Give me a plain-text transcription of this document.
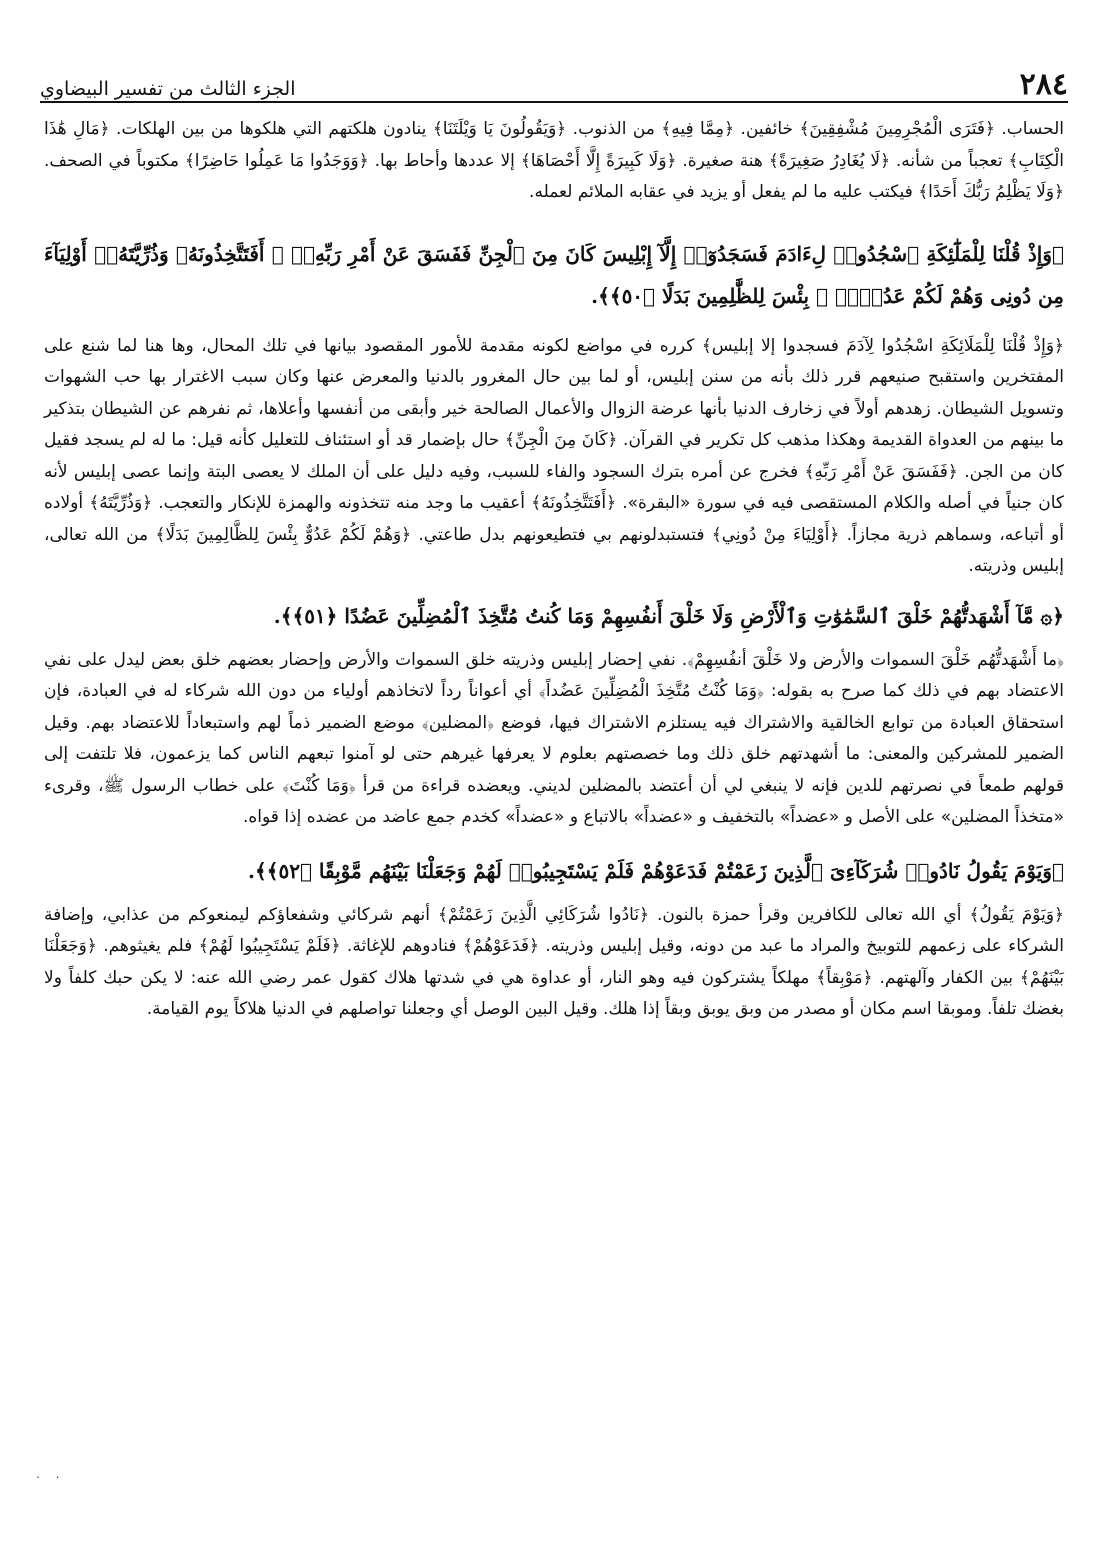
٢٨٤
الجزء الثالث من تفسير البيضاوي

الحساب. ﴿فَتَرَى الْمُجْرِمِينَ مُشْفِقِينَ﴾ خائفين. ﴿مِمَّا فِيهِ﴾ من الذنوب. ﴿وَيَقُولُونَ يَا وَيْلَتَنَا﴾ ينادون هلكتهم التي هلكوها من بين الهلكات. ﴿مَالِ هَٰذَا الْكِتَابِ﴾ تعجباً من شأنه. ﴿لَا يُغَادِرُ صَغِيرَةً﴾ هنة صغيرة. ﴿وَلَا كَبِيرَةً إِلَّا أَحْصَاهَا﴾ إلا عددها وأحاط بها. ﴿وَوَجَدُوا مَا عَمِلُوا حَاضِرًا﴾ مكتوباً في الصحف. ﴿وَلَا يَظْلِمُ رَبُّكَ أَحَدًا﴾ فيكتب عليه ما لم يفعل أو يزيد في عقابه الملائم لعمله.

﴿وَإِذْ قُلْنَا لِلْمَلَٰٓئِكَةِ ٱسْجُدُوا۟ لِءَادَمَ فَسَجَدُوٓا۟ إِلَّآ إِبْلِيسَ كَانَ مِنَ ٱلْجِنِّ فَفَسَقَ عَنْ أَمْرِ رَبِّهِۦٓ ۗ أَفَتَتَّخِذُونَهُۥ وَذُرِّيَّتَهُۥٓ أَوْلِيَآءَ مِن دُونِى وَهُمْ لَكُمْ عَدُوٌّۢ ۚ بِئْسَ لِلظَّٰلِمِينَ بَدَلًا ﴿٥٠﴾﴾.

﴿وَإِذْ قُلْنَا لِلْمَلَائِكَةِ اسْجُدُوا لِآدَمَ فسجدوا إلا إبليس﴾ كرره في مواضع لكونه مقدمة للأمور المقصود بيانها في تلك المحال، وها هنا لما شنع على المفتخرين واستقبح صنيعهم قرر ذلك بأنه من سنن إبليس، أو لما بين حال المغرور بالدنيا والمعرض عنها وكان سبب الاغترار بها حب الشهوات وتسويل الشيطان. زهدهم أولاً في زخارف الدنيا بأنها عرضة الزوال والأعمال الصالحة خير وأبقى من أنفسها وأعلاها، ثم نفرهم عن الشيطان بتذكير ما بينهم من العدواة القديمة وهكذا مذهب كل تكرير في القرآن. ﴿كَانَ مِنَ الْجِنِّ﴾ حال بإضمار قد أو استئناف للتعليل كأنه قيل: ما له لم يسجد فقيل كان من الجن. ﴿فَفَسَقَ عَنْ أَمْرِ رَبِّهِ﴾ فخرج عن أمره بترك السجود والفاء للسبب، وفيه دليل على أن الملك لا يعصى البتة وإنما عصى إبليس لأنه كان جنياً في أصله والكلام المستقصى فيه في سورة «البقرة». ﴿أَفَتَتَّخِذُونَهُ﴾ أعقيب ما وجد منه تتخذونه والهمزة للإنكار والتعجب. ﴿وَذُرِّيَّتَهُ﴾ أولاده أو أتباعه، وسماهم ذرية مجازاً. ﴿أَوْلِيَاءَ مِنْ دُونِي﴾ فتستبدلونهم بي فتطيعونهم بدل طاعتي. ﴿وَهُمْ لَكُمْ عَدُوٌّ بِئْسَ لِلظَّالِمِينَ بَدَلًا﴾ من الله تعالى، إبليس وذريته.

﴿۞ مَّآ أَشْهَدتُّهُمْ خَلْقَ ٱلسَّمَٰوَٰتِ وَٱلْأَرْضِ وَلَا خَلْقَ أَنفُسِهِمْ وَمَا كُنتُ مُتَّخِذَ ٱلْمُضِلِّينَ عَضُدًا ﴿٥١﴾﴾.

﴿ما أَشْهَدتُّهُم خَلْقَ السموات والأرض ولا خَلْقَ أنفُسِهِمْ﴾. نفي إحضار إبليس وذريته خلق السموات والأرض وإحضار بعضهم خلق بعض ليدل على نفي الاعتضاد بهم في ذلك كما صرح به بقوله: ﴿وَمَا كُنْتُ مُتَّخِذَ الْمُضِلِّينَ عَضُداً﴾ أي أعواناً رداً لاتخاذهم أولياء من دون الله شركاء له في العبادة، فإن استحقاق العبادة من توابع الخالقية والاشتراك فيه يستلزم الاشتراك فيها، فوضع ﴿المضلين﴾ موضع الضمير ذماً لهم واستبعاداً للاعتضاد بهم. وقيل الضمير للمشركين والمعنى: ما أشهدتهم خلق ذلك وما خصصتهم بعلوم لا يعرفها غيرهم حتى لو آمنوا تبعهم الناس كما يزعمون، فلا تلتفت إلى قولهم طمعاً في نصرتهم للدين فإنه لا ينبغي لي أن أعتضد بالمضلين لديني. ويعضده قراءة من قرأ ﴿وَمَا كُنْتَ﴾ على خطاب الرسول ﷺ، وقرىء «متخذاً المضلين» على الأصل و «عضداً» بالتخفيف و «عضداً» بالاتباع و «عضداً» كخدم جمع عاضد من عضده إذا قواه.

﴿وَيَوْمَ يَقُولُ نَادُوا۟ شُرَكَآءِىَ ٱلَّذِينَ زَعَمْتُمْ فَدَعَوْهُمْ فَلَمْ يَسْتَجِيبُوا۟ لَهُمْ وَجَعَلْنَا بَيْنَهُم مَّوْبِقًا ﴿٥٢﴾﴾.

﴿وَيَوْمَ يَقُولُ﴾ أي الله تعالى للكافرين وقرأ حمزة بالنون. ﴿نَادُوا شُرَكَائِي الَّذِينَ زَعَمْتُمْ﴾ أنهم شركائي وشفعاؤكم ليمنعوكم من عذابي، وإضافة الشركاء على زعمهم للتوبيخ والمراد ما عبد من دونه، وقيل إبليس وذريته. ﴿فَدَعَوْهُمْ﴾ فنادوهم للإغاثة. ﴿فَلَمْ يَسْتَجِيبُوا لَهُمْ﴾ فلم يغيثوهم. ﴿وَجَعَلْنَا بَيْنَهُمْ﴾ بين الكفار وآلهتهم. ﴿مَوْبِقاً﴾ مهلكاً يشتركون فيه وهو النار، أو عداوة هي في شدتها هلاك كقول عمر رضي الله عنه: لا يكن حبك كلفاً ولا بغضك تلفاً. وموبقا اسم مكان أو مصدر من وبق يوبق وبقاً إذا هلك. وقيل البين الوصل أي وجعلنا تواصلهم في الدنيا هلاكاً يوم القيامة.

. .
